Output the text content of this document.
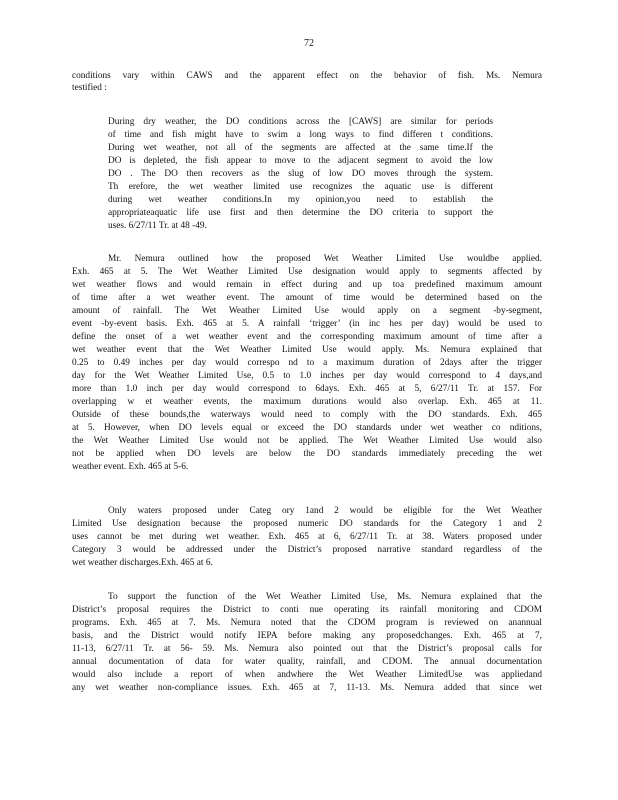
72
conditions vary within CAWS and the apparent effect on the behavior of fish. Ms. Nemura
testified :
During dry weather, the DO conditions across the [CAWS] are similar for periods
of time and fish might have to swim a long ways to find differen t conditions.
During wet weather, not all of the segments are affected at the same time.If the
DO is depleted, the fish appear to move to the adjacent segment to avoid the low
DO . The DO then recovers as the slug of low DO moves through the system.
Th erefore, the wet weather limited use recognizes the aquatic use is different
during wet weather conditions.In my opinion,you need to establish the
appropriateaquatic life use first and then determine the DO criteria to support the
uses. 6/27/11 Tr. at 48 -49.
Mr. Nemura outlined how the proposed Wet Weather Limited Use wouldbe applied.
Exh. 465 at 5. The Wet Weather Limited Use designation would apply to segments affected by
wet weather flows and would remain in effect during and up toa predefined maximum amount
of time after a wet weather event. The amount of time would be determined based on the
amount of rainfall. The Wet Weather Limited Use would apply on a segment -by-segment,
event -by-event basis. Exh. 465 at 5. A rainfall ‘trigger’ (in inc hes per day) would be used to
define the onset of a wet weather event and the corresponding maximum amount of time after a
wet weather event that the Wet Weather Limited Use would apply. Ms. Nemura explained that
0.25 to 0.49 inches per day would correspo nd to a maximum duration of 2days after the trigger
day for the Wet Weather Limited Use, 0.5 to 1.0 inches per day would correspond to 4 days,and
more than 1.0 inch per day would correspond to 6days. Exh. 465 at 5, 6/27/11 Tr. at 157. For
overlapping w et weather events, the maximum durations would also overlap. Exh. 465 at 11.
Outside of these bounds,the waterways would need to comply with the DO standards. Exh. 465
at 5. However, when DO levels equal or exceed the DO standards under wet weather co nditions,
the Wet Weather Limited Use would not be applied. The Wet Weather Limited Use would also
not be applied when DO levels are below the DO standards immediately preceding the wet
weather event. Exh. 465 at 5-6.
Only waters proposed under Categ ory 1and 2 would be eligible for the Wet Weather
Limited Use designation because the proposed numeric DO standards for the Category 1 and 2
uses cannot be met during wet weather. Exh. 465 at 6, 6/27/11 Tr. at 38. Waters proposed under
Category 3 would be addressed under the District’s proposed narrative standard regardless of the
wet weather discharges.Exh. 465 at 6.
To support the function of the Wet Weather Limited Use, Ms. Nemura explained that the
District’s proposal requires the District to conti nue operating its rainfall monitoring and CDOM
programs. Exh. 465 at 7. Ms. Nemura noted that the CDOM program is reviewed on anannual
basis, and the District would notify IEPA before making any proposedchanges. Exh. 465 at 7,
11-13, 6/27/11 Tr. at 56- 59. Ms. Nemura also pointed out that the District’s proposal calls for
annual documentation of data for water quality, rainfall, and CDOM. The annual documentation
would also include a report of when andwhere the Wet Weather LimitedUse was appliedand
any wet weather non-compliance issues. Exh. 465 at 7, 11-13. Ms. Nemura added that since wet
